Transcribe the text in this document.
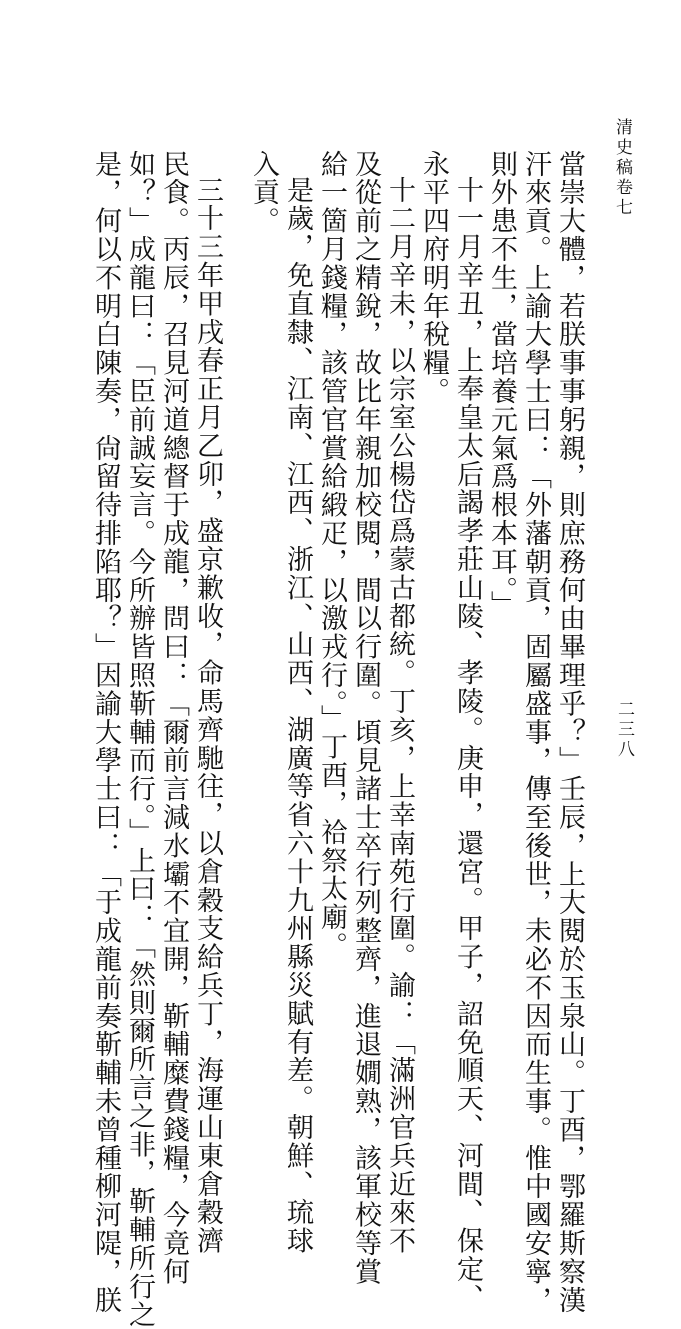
清史稿卷七
二三八
當崇大體，若朕事事躬親，則庶務何由畢理乎？」壬辰，上大閱於玉泉山。丁酉，鄂羅斯察漢
汗來貢。上諭大學士曰：「外藩朝貢，固屬盛事，傳至後世，未必不因而生事。惟中國安寧，
則外患不生，當培養元氣爲根本耳。」
十一月辛丑，上奉皇太后謁孝莊山陵、孝陵。庚申，還宮。甲子，詔免順天、河間、保定、
永平四府明年稅糧。
十二月辛未，以宗室公楊岱爲蒙古都統。丁亥，上幸南苑行圍。諭：「滿洲官兵近來不
及從前之精銳，故比年親加校閱，間以行圍。頃見諸士卒行列整齊，進退嫺熟，該軍校等賞
給一箇月錢糧，該管官賞給緞疋，以激戎行。」丁酉，祫祭太廟。
是歲，免直隸、江南、江西、浙江、山西、湖廣等省六十九州縣災賦有差。朝鮮、琉球
入貢。
三十三年甲戌春正月乙卯，盛京歉收，命馬齊馳往，以倉穀支給兵丁，海運山東倉穀濟
民食。丙辰，召見河道總督于成龍，問曰：「爾前言減水壩不宜開，靳輔糜費錢糧，今竟何
如？」成龍曰：「臣前誠妄言。今所辦皆照靳輔而行。」上曰：「然則爾所言之非，靳輔所行之
是，何以不明白陳奏，尙留待排陷耶？」因諭大學士曰：「于成龍前奏靳輔未曾種柳河隄，朕
